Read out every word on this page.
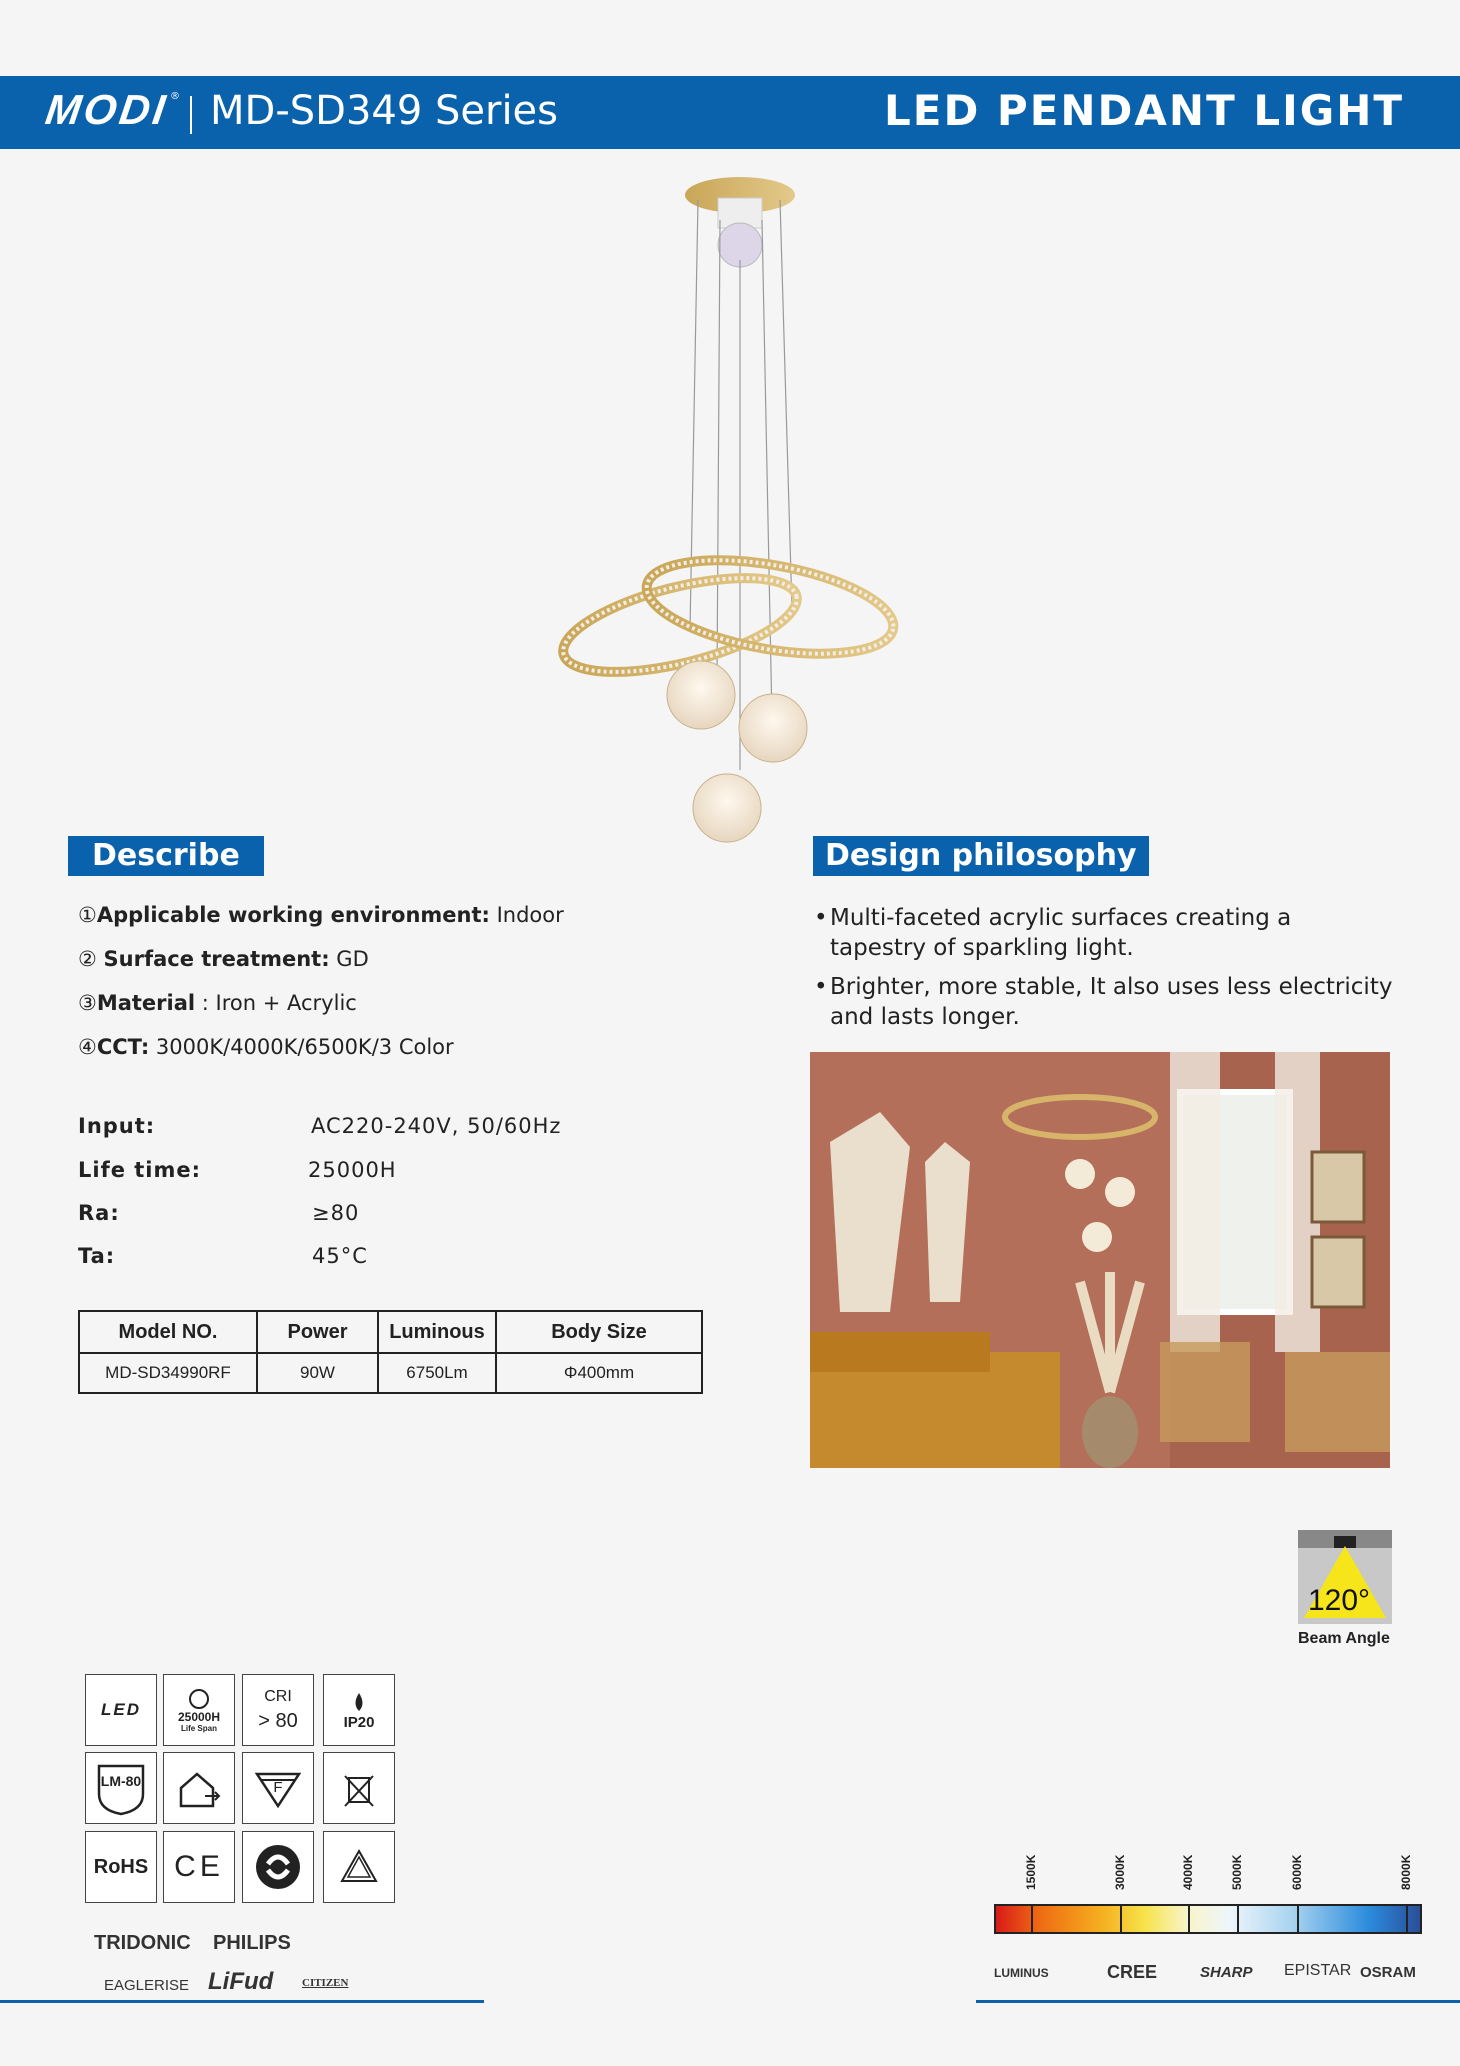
MODI
® MD-SD349 Series	LED PENDANT LIGHT
Describe
①Applicable working environment: Indoor
② Surface treatment: GD
③Material : Iron + Acrylic
④CCT: 3000K/4000K/6500K/3 Color
Input:	AC220-240V, 50/60Hz
Life time:	25000H
Ra:	≥80
Ta:	45°C
Model NO.	Power	Luminous	Body Size
MD-SD34990RF	90W	6750Lm	Φ400mm
Design philosophy
• Multi-faceted acrylic surfaces creating a tapestry of sparkling light.
• Brighter, more stable, It also uses less electricity and lasts longer.
120°
Beam Angle
LED	25000H
Life Span
CRI
> 80	IP20
LM-80	F
RoHS CE
TRIDONIC PHILIPS
EAGLERISE LiFud	CITIZEN
1500K	3000K	4000K	5000K	6000K	8000K
LUMINUS	CREE	SHARP EPISTAR OSRAM
